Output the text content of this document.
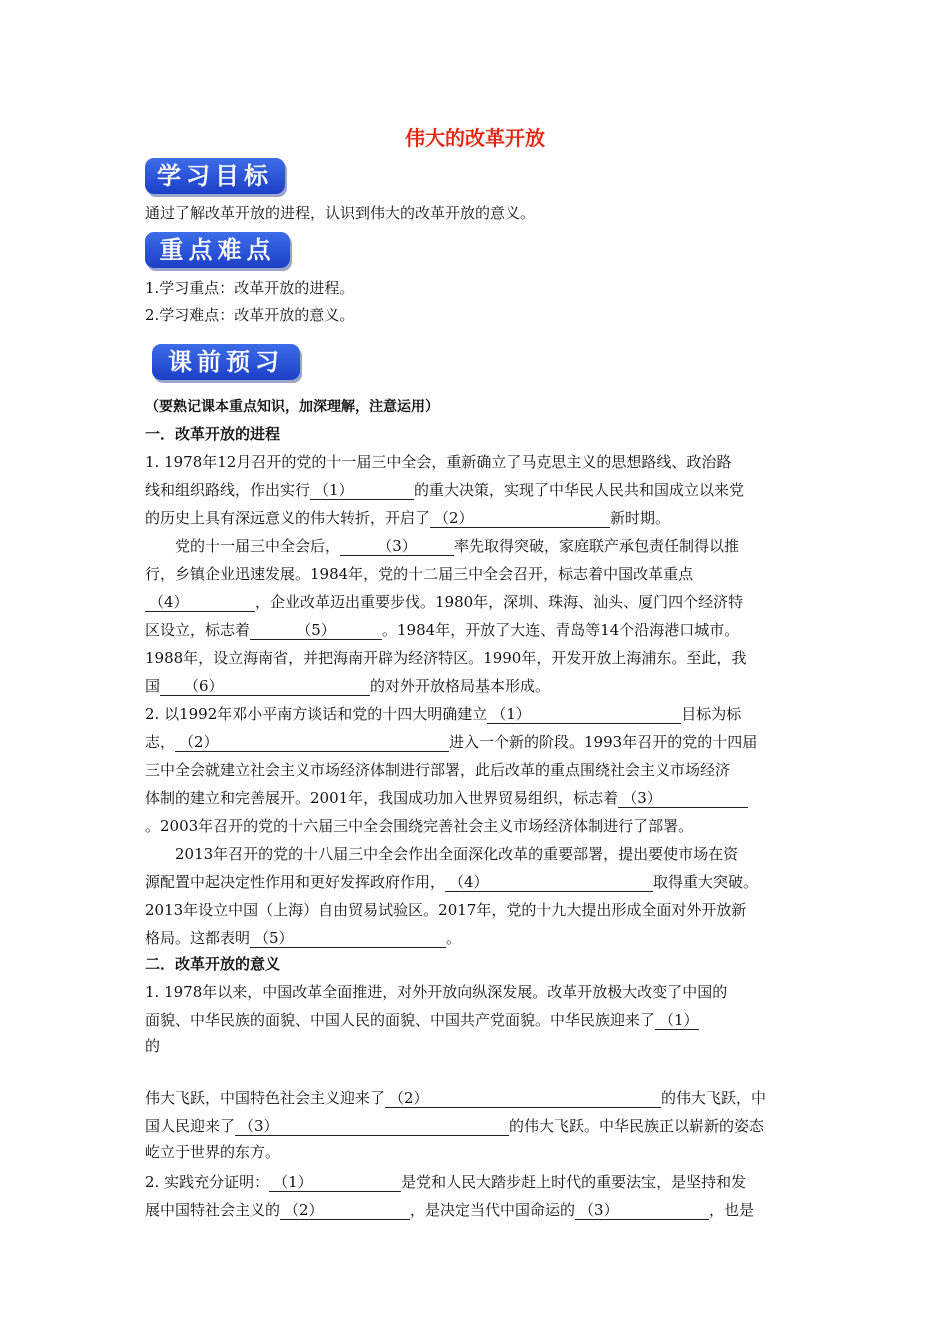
伟大的改革开放
学习目标
通过了解改革开放的进程，认识到伟大的改革开放的意义。
重点难点
1.学习重点：改革开放的进程。
2.学习难点：改革开放的意义。
课前预习
（要熟记课本重点知识，加深理解，注意运用）
一．改革开放的进程
1. 1978年12月召开的党的十一届三中全会，重新确立了马克思主义的思想路线、政治路
线和组织路线，作出实行 （1）	的重大决策，实现了中华民人民共和国成立以来党
的历史上具有深远意义的伟大转折，开启了 （2）	新时期。
党的十一届三中全会后， （3） 率先取得突破，家庭联产承包责任制得以推
行，乡镇企业迅速发展。1984年，党的十二届三中全会召开，标志着中国改革重点
（4）	，企业改革迈出重要步伐。1980年，深圳、珠海、汕头、厦门四个经济特
区设立，标志着	（5）	。1984年，开放了大连、青岛等14个沿海港口城市。
1988年，设立海南省，并把海南开辟为经济特区。1990年，开发开放上海浦东。至此，我
国 （6）	的对外开放格局基本形成。
2. 以1992年邓小平南方谈话和党的十四大明确建立 （1）	目标为标
志， （2）	进入一个新的阶段。1993年召开的党的十四届
三中全会就建立社会主义市场经济体制进行部署，此后改革的重点围绕社会主义市场经济
体制的建立和完善展开。2001年，我国成功加入世界贸易组织，标志着 （3）
。2003年召开的党的十六届三中全会围绕完善社会主义市场经济体制进行了部署。
2013年召开的党的十八届三中全会作出全面深化改革的重要部署，提出要使市场在资
源配置中起决定性作用和更好发挥政府作用， （4）	取得重大突破。
2013年设立中国（上海）自由贸易试验区。2017年，党的十九大提出形成全面对外开放新
格局。这都表明 （5）	。
二．改革开放的意义
1. 1978年以来，中国改革全面推进，对外开放向纵深发展。改革开放极大改变了中国的
面貌、中华民族的面貌、中国人民的面貌、中国共产党面貌。中华民族迎来了 （1）
的
伟大飞跃，中国特色社会主义迎来了 （2）	的伟大飞跃，中
国人民迎来了 （3）	的伟大飞跃。中华民族正以崭新的姿态
屹立于世界的东方。
2. 实践充分证明： （1）	是党和人民大踏步赶上时代的重要法宝，是坚持和发
展中国特社会主义的 （2）	，是决定当代中国命运的 （3）	，也是
